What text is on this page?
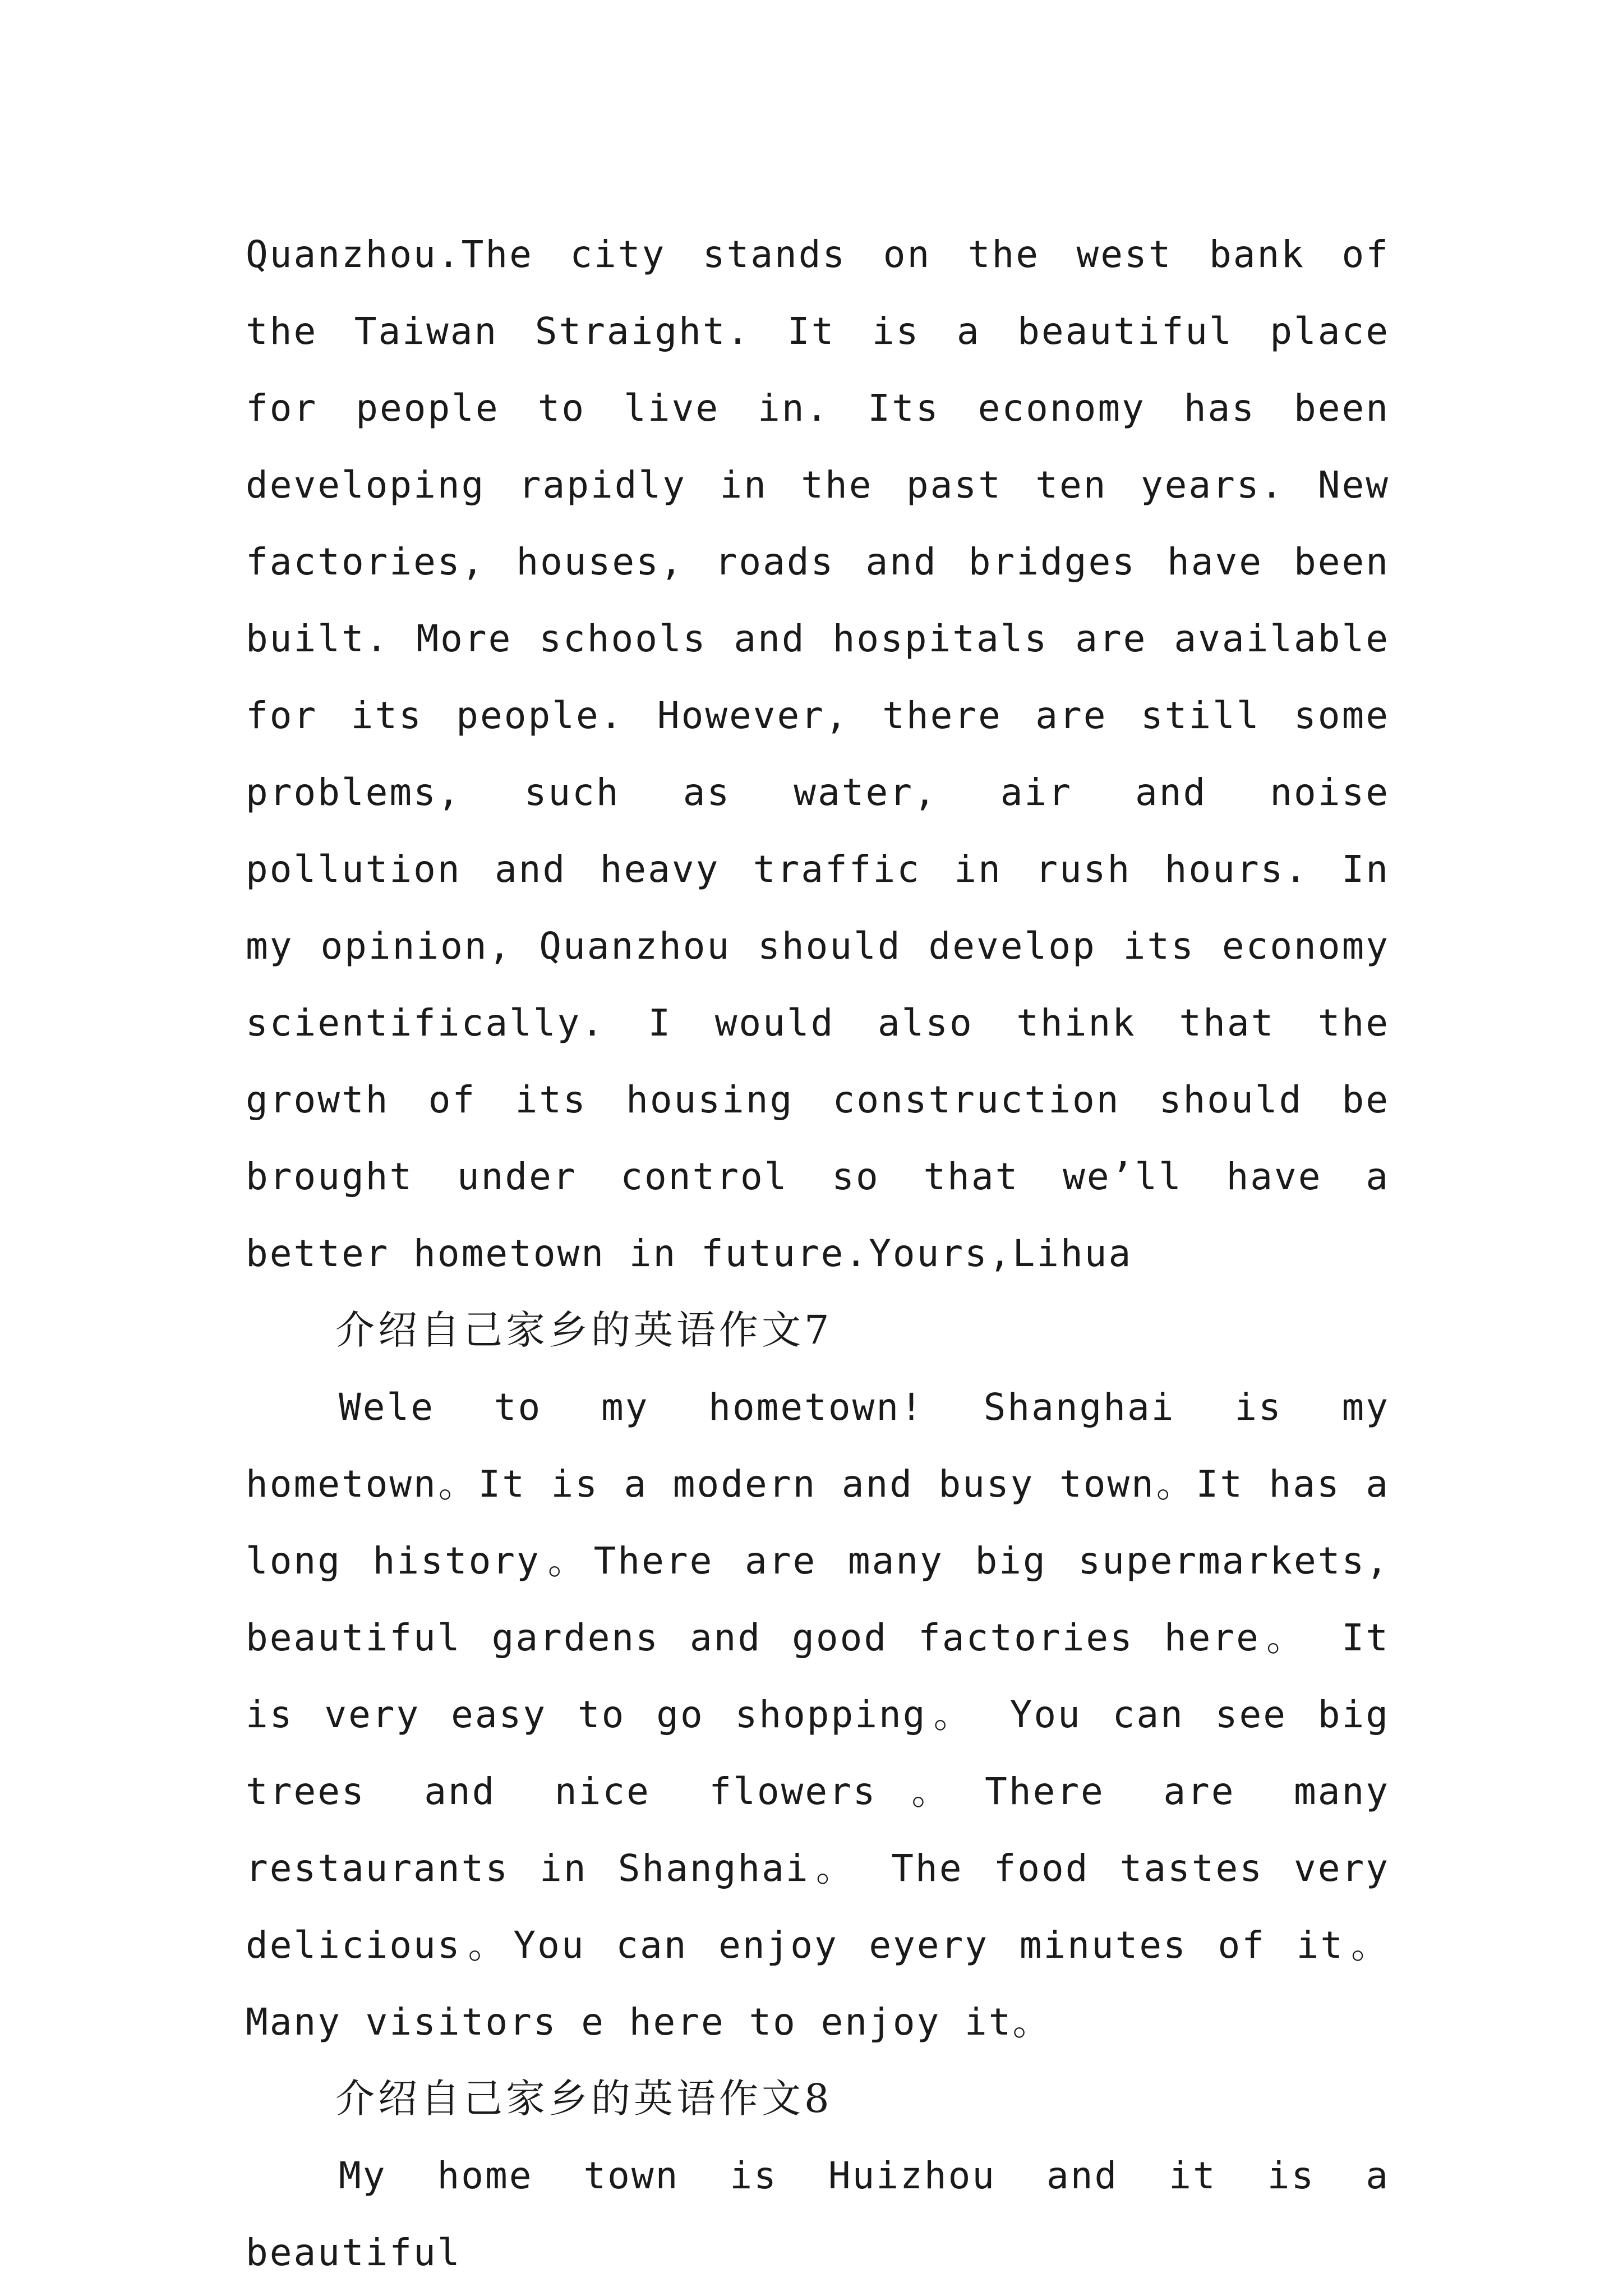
Quanzhou.The city stands on the west bank of the Taiwan Straight. It is a beautiful place for people to live in. Its economy has been developing rapidly in the past ten years. New factories, houses, roads and bridges have been built. More schools and hospitals are available for its people. However, there are still some problems, such as water, air and noise pollution and heavy traffic in rush hours. In my opinion, Quanzhou should develop its economy scientifically. I would also think that the growth of its housing construction should be brought under control so that we’ll have a better hometown in future.Yours,Lihua

介绍自己家乡的英语作文7

Wele to my hometown! Shanghai is my hometown。It is a modern and busy town。It has a long history。There are many big supermarkets, beautiful gardens and good factories here。 It is very easy to go shopping。 You can see big trees and nice flowers。There are many restaurants in Shanghai。 The food tastes very delicious。You can enjoy eyery minutes of it。 Many visitors e here to enjoy it。

介绍自己家乡的英语作文8

My home town is Huizhou and it is a beautiful
